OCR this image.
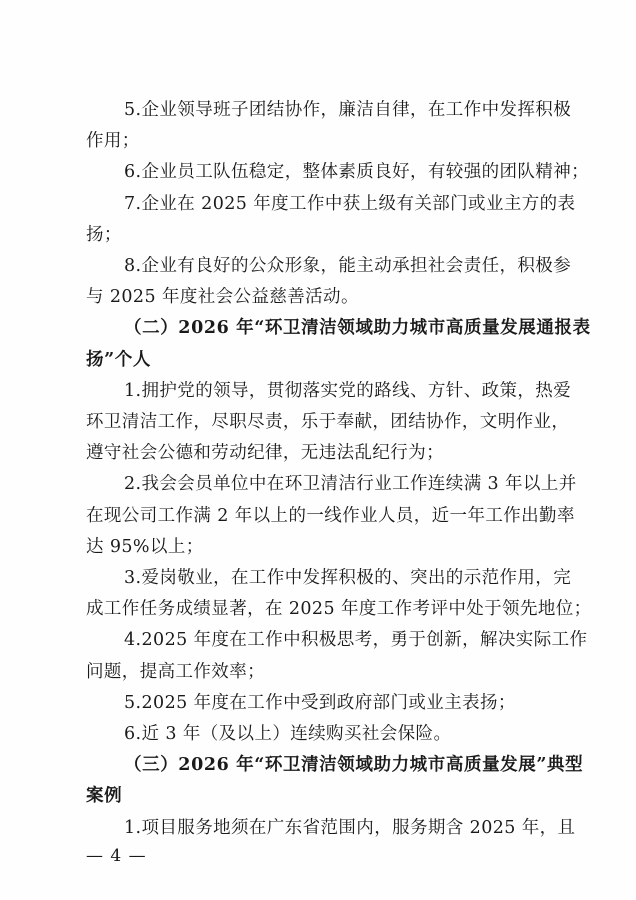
5.企业领导班子团结协作，廉洁自律，在工作中发挥积极
作用；
6.企业员工队伍稳定，整体素质良好，有较强的团队精神；
7.企业在 2025 年度工作中获上级有关部门或业主方的表
扬；
8.企业有良好的公众形象，能主动承担社会责任，积极参
与 2025 年度社会公益慈善活动。
（二）2026 年“环卫清洁领域助力城市高质量发展通报表
扬”个人
1.拥护党的领导，贯彻落实党的路线、方针、政策，热爱
环卫清洁工作，尽职尽责，乐于奉献，团结协作，文明作业，
遵守社会公德和劳动纪律，无违法乱纪行为；
2.我会会员单位中在环卫清洁行业工作连续满 3 年以上并
在现公司工作满 2 年以上的一线作业人员，近一年工作出勤率
达 95%以上；
3.爱岗敬业，在工作中发挥积极的、突出的示范作用，完
成工作任务成绩显著，在 2025 年度工作考评中处于领先地位；
4.2025 年度在工作中积极思考，勇于创新，解决实际工作
问题，提高工作效率；
5.2025 年度在工作中受到政府部门或业主表扬；
6.近 3 年（及以上）连续购买社会保险。
（三）2026 年“环卫清洁领域助力城市高质量发展”典型
案例
— 4 —
1.项目服务地须在广东省范围内，服务期含 2025 年，且
